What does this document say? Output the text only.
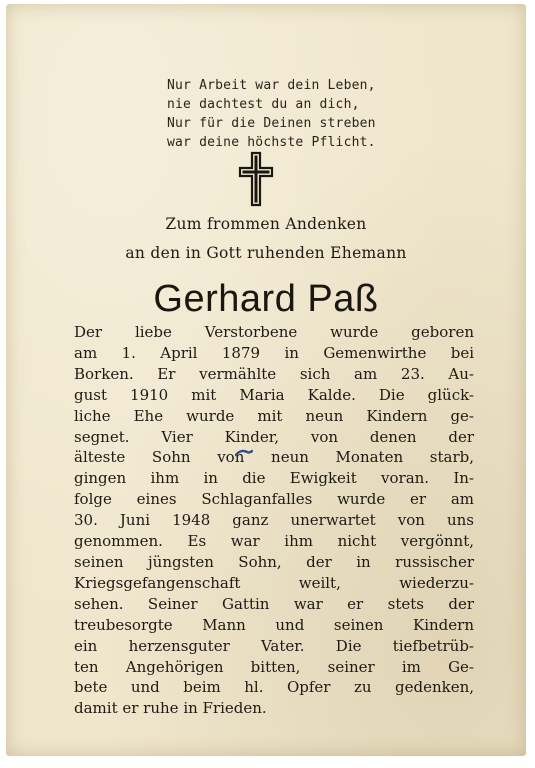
Nur Arbeit war dein Leben,
nie dachtest du an dich,
Nur für die Deinen streben
war deine höchste Pflicht.
Zum frommen Andenken
an den in Gott ruhenden Ehemann
Gerhard Paß
Der liebe Verstorbene wurde geboren
am 1. April 1879 in Gemenwirthe bei
Borken. Er vermählte sich am 23. Au-
gust 1910 mit Maria Kalde. Die glück-
liche Ehe wurde mit neun Kindern ge-
segnet. Vier Kinder, von denen der
älteste Sohn von neun Monaten starb,
gingen ihm in die Ewigkeit voran. In-
folge eines Schlaganfalles wurde er am
30. Juni 1948 ganz unerwartet von uns
genommen. Es war ihm nicht vergönnt,
seinen jüngsten Sohn, der in russischer
Kriegsgefangenschaft weilt, wiederzu-
sehen. Seiner Gattin war er stets der
treubesorgte Mann und seinen Kindern
ein herzensguter Vater. Die tiefbetrüb-
ten Angehörigen bitten, seiner im Ge-
bete und beim hl. Opfer zu gedenken,
damit er ruhe in Frieden.
